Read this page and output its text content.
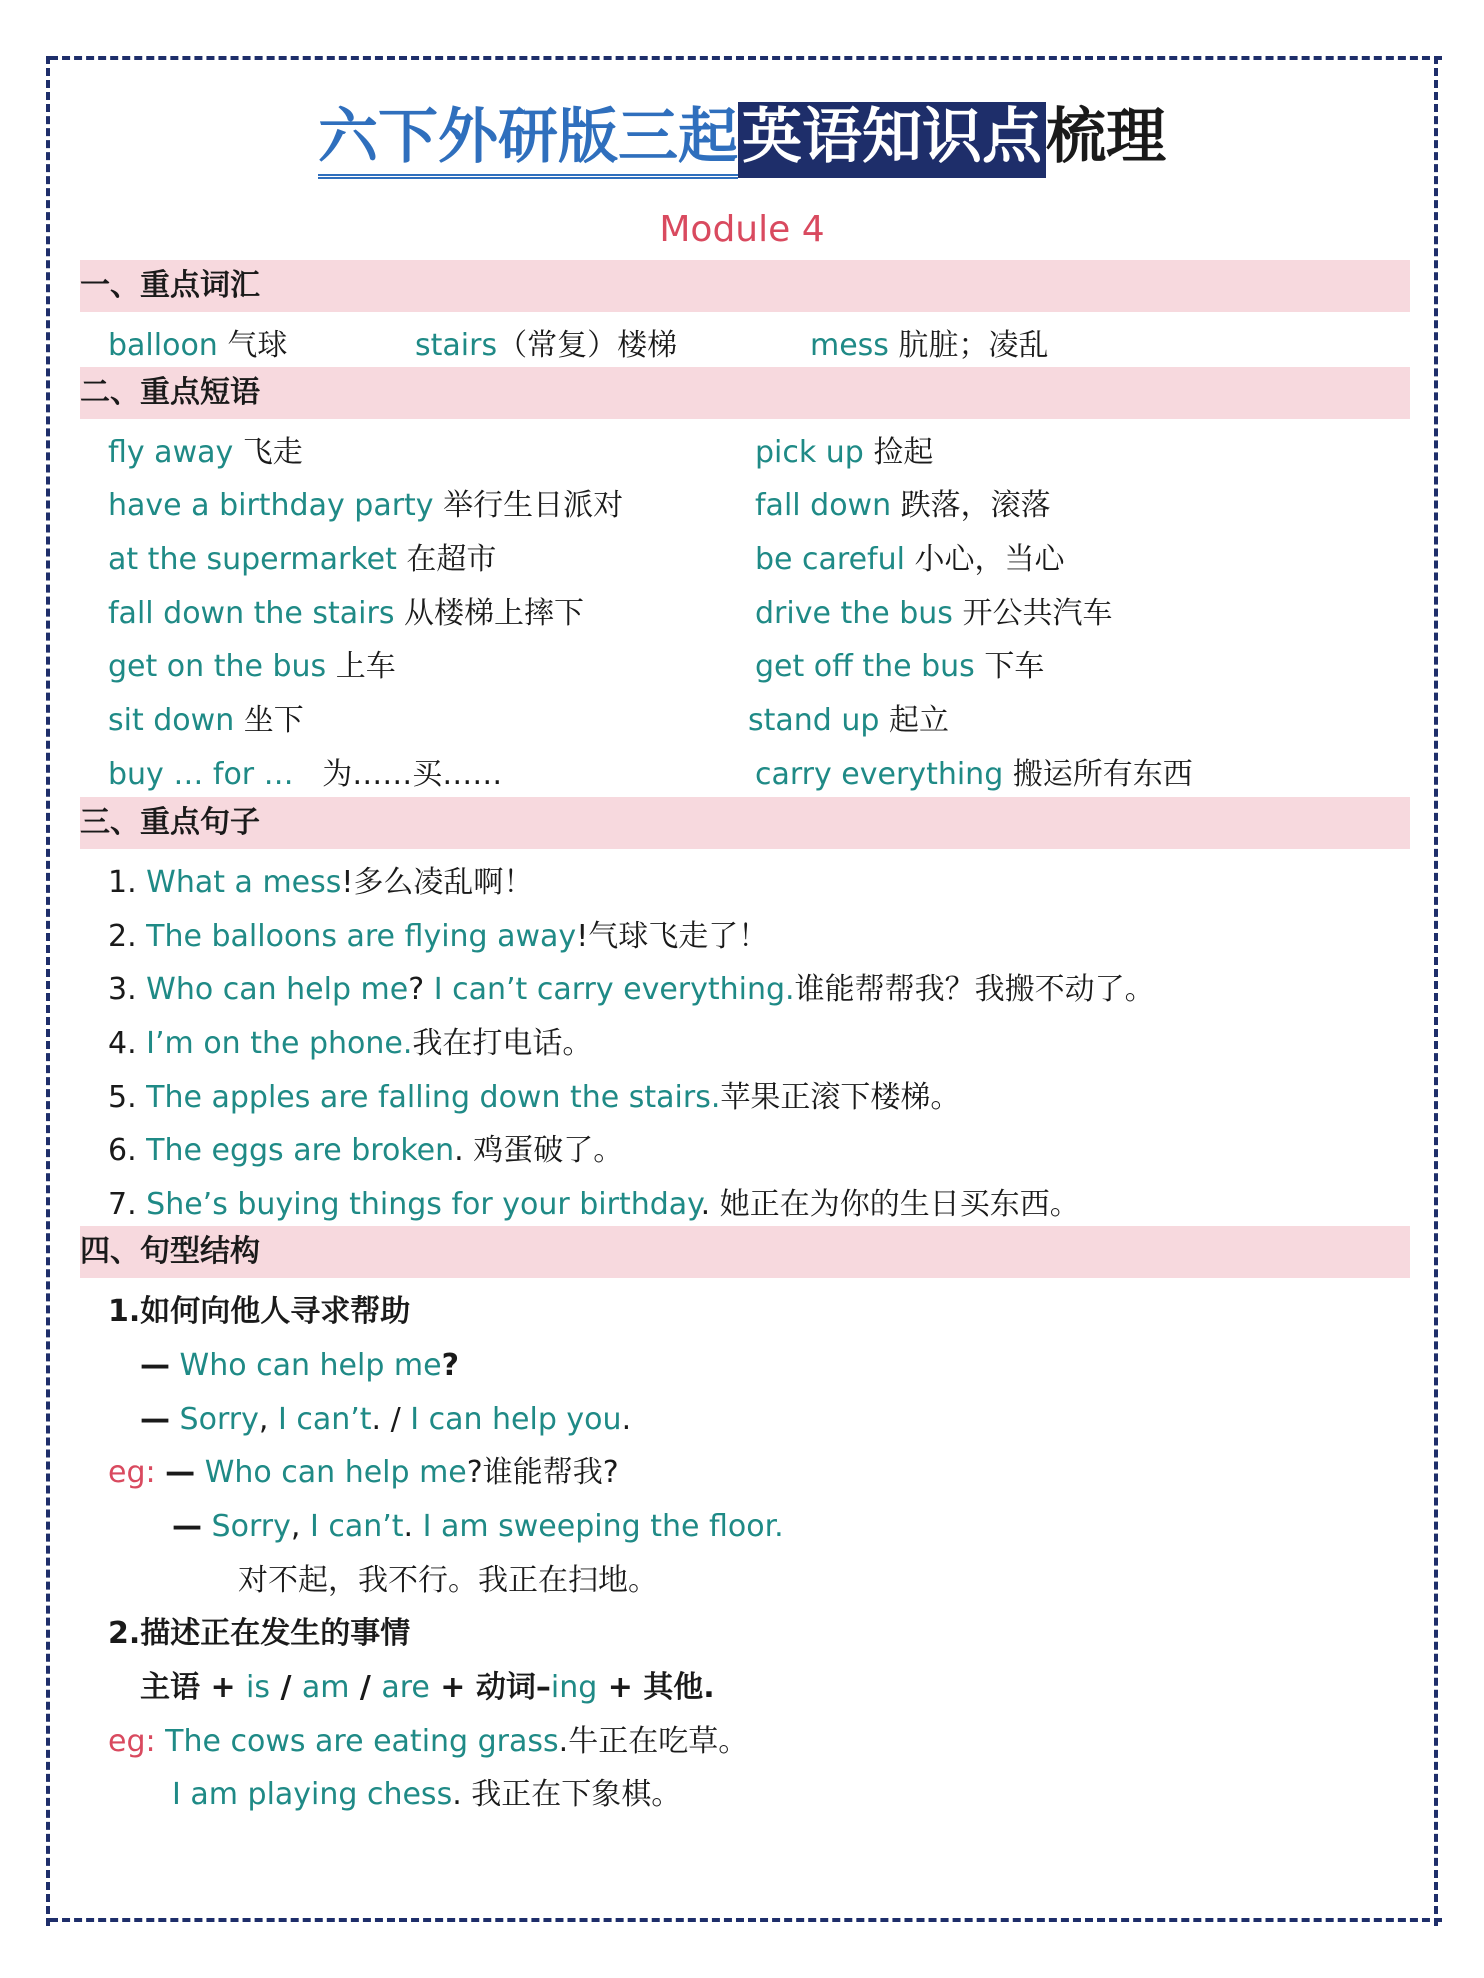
六下外研版三起英语知识点梳理
Module 4
一、重点词汇
balloon 气球	stairs（常复）楼梯	mess 肮脏；凌乱
二、重点短语
fly away 飞走
have a birthday party 举行生日派对
at the supermarket 在超市
fall down the stairs 从楼梯上摔下
get on the bus 上车
sit down 坐下
buy … for … 为……买……
pick up 捡起
fall down 跌落，滚落
be careful 小心，当心
drive the bus 开公共汽车
get off the bus 下车
stand up 起立
carry everything 搬运所有东西
三、重点句子
1. What a mess!多么凌乱啊！
2. The balloons are flying away!气球飞走了！
3. Who can help me? I can’t carry everything.谁能帮帮我？我搬不动了。
4. I’m on the phone.我在打电话。
5. The apples are falling down the stairs.苹果正滚下楼梯。
6. The eggs are broken. 鸡蛋破了。
7. She’s buying things for your birthday. 她正在为你的生日买东西。
四、句型结构
1.如何向他人寻求帮助
— Who can help me?
— Sorry, I can’t. / I can help you.
eg: — Who can help me?谁能帮我?
— Sorry, I can’t. I am sweeping the floor.
对不起，我不行。我正在扫地。
2.描述正在发生的事情
主语 + is / am / are + 动词–ing + 其他.
eg: The cows are eating grass.牛正在吃草。
I am playing chess. 我正在下象棋。
